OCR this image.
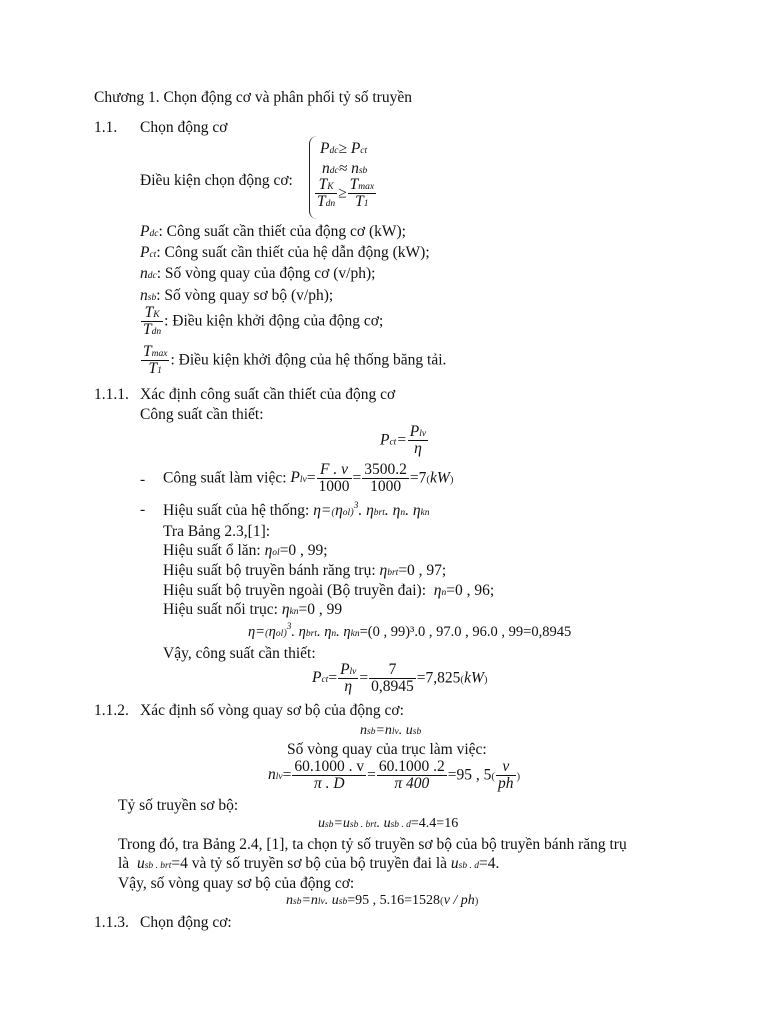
Chương 1. Chọn động cơ và phân phối tỷ số truyền
1.1. Chọn động cơ
Điều kiện chọn động cơ:
Pdc≥ Pct
ndc≈ nsb
$\frac{TK}{\text{Tdn}} \ge \frac{Tmax}{T1}$
Pdc: Công suất cần thiết của động cơ (kW);
Pct: Công suất cần thiết của hệ dẫn động (kW);
ndc: Số vòng quay của động cơ (v/ph);
nsb: Số vòng quay sơ bộ (v/ph);
$\frac{TK}{\text{Tdn}}$ : Điều kiện khởi động của động cơ;
$\frac{Tmax}{T1}$ : Điều kiện khởi động của hệ thống băng tải.
1.1.1. Xác định công suất cần thiết của động cơ
Công suất cần thiết:
$Pct= \frac{\text{Plv}}{\eta}$
- Công suất làm việc: $Plv= \frac{F . v}{1000} = \frac{3500.2}{1000} =7(kW)$
- Hiệu suất của hệ thống: $\eta=(\eta ol)^3$. ηbrt. ηn. ηkn
Tra Bảng 2.3,[1]:
Hiệu suất ổ lăn: ηol=0 , 99;
Hiệu suất bộ truyền bánh răng trụ: ηbrt=0 , 97;
Hiệu suất bộ truyền ngoài (Bộ truyền đai): ηn=0 , 96;
Hiệu suất nối trục: ηkn=0 , 99
$\eta=(\eta ol)^3$. ηbrt. ηn. ηkn=(0 , 99)³.0 , 97.0 , 96.0 , 99=0,8945
Vậy, công suất cần thiết:
$Pct= \frac{\text{Plv}}{\eta} = \frac{7}{0,8945} =7,825(kW)$
1.1.2. Xác định số vòng quay sơ bộ của động cơ:
nsb=nlv. usb
Số vòng quay của trục làm việc:
$nlv= \frac{60.1000 . v}{\pi . D} = \frac{60.1000 .2}{\pi 400} =95$ , $5( \frac{v}{ph}$ )
Tỷ số truyền sơ bộ:
usb=usb . brt. usb . d=4.4=16
Trong đó, tra Bảng 2.4, [1], ta chọn tỷ số truyền sơ bộ của bộ truyền bánh răng trụ
là usb . brt=4 và tỷ số truyền sơ bộ của bộ truyền đai là usb . d=4.
Vậy, số vòng quay sơ bộ của động cơ:
nsb=nlv. usb=95 , 5.16=1528(v / ph)
1.1.3. Chọn động cơ:
